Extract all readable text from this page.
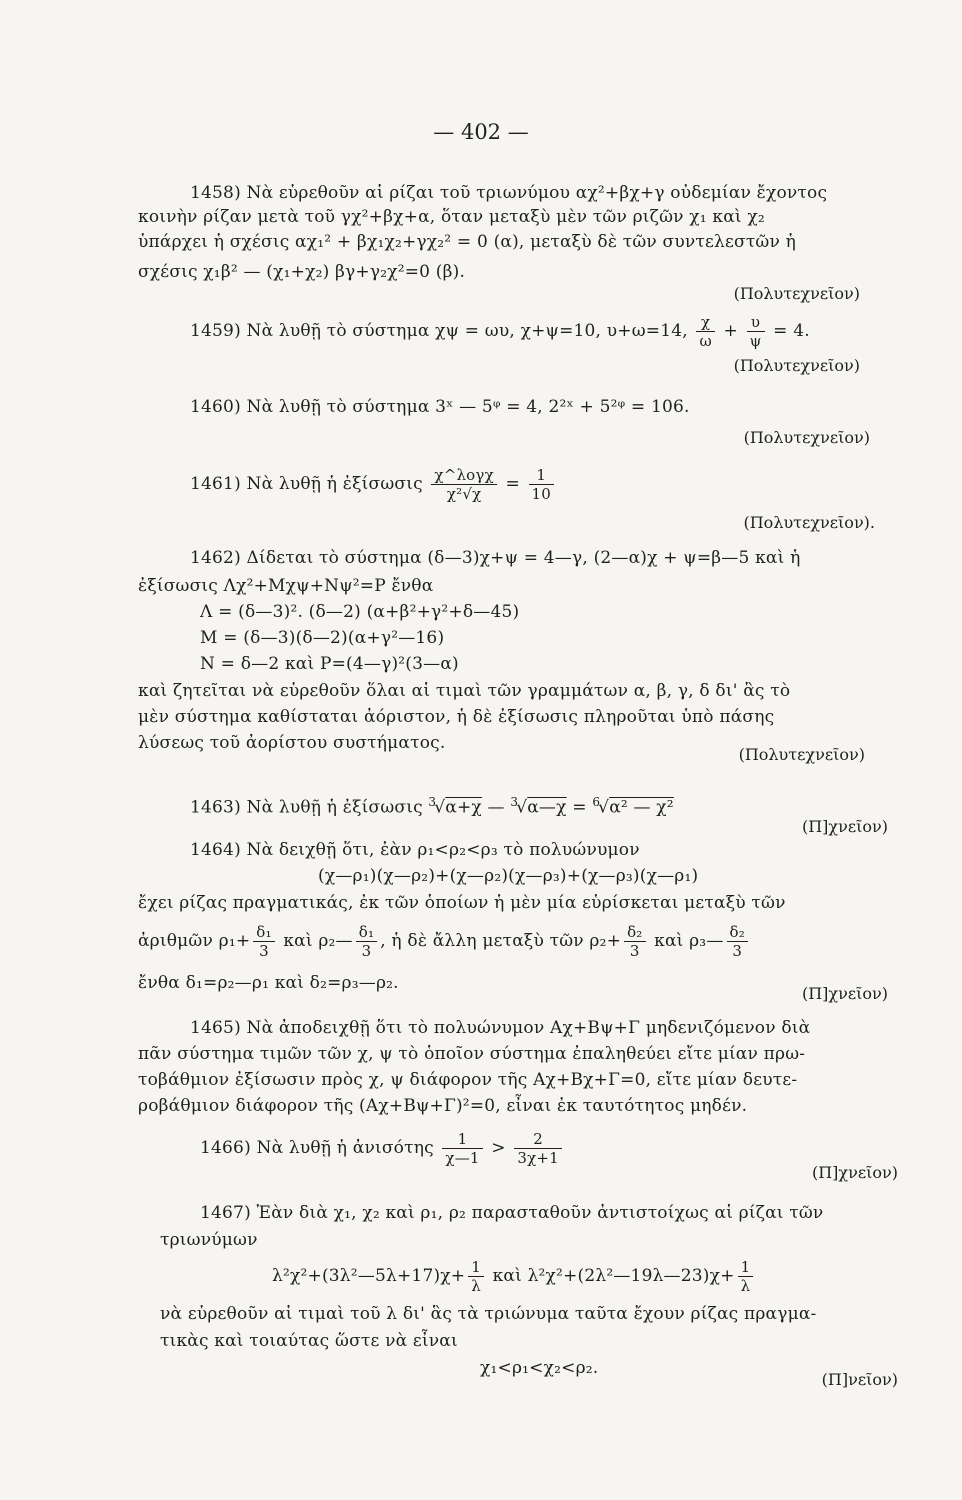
— 402 —
1458) Νὰ εὑρεθοῦν αἱ ρίζαι τοῦ τριωνύμου αχ²+βχ+γ οὐδεμίαν ἔχοντος
κοινὴν ρίζαν μετὰ τοῦ γχ²+βχ+α, ὅταν μεταξὺ μὲν τῶν ριζῶν χ₁ καὶ χ₂
ὑπάρχει ἡ σχέσις αχ₁² + βχ₁χ₂+γχ₂² = 0 (α), μεταξὺ δὲ τῶν συντελεστῶν ἡ
σχέσις χ₁β² — (χ₁+χ₂) βγ+γ₂χ²=0 (β).
(Πολυτεχνεῖον)
1459) Νὰ λυθῇ τὸ σύστημα χψ = ωυ, χ+ψ=10, υ+ω=14, $\frac{\chi}{\omega} + \frac{\upsilon}{\psi} = 4$.
(Πολυτεχνεῖον)
1460) Νὰ λυθῇ τὸ σύστημα 3ˣ — 5ᵠ = 4, 2²ˣ + 5²ᵠ = 106.
(Πολυτεχνεῖον)
1461) Νὰ λυθῇ ἡ ἐξίσωσις $\frac{\text{χ\textasciicircum{}λογχ}}{\text{χ²√χ}} = \frac{1}{10}$
(Πολυτεχνεῖον).
1462) Δίδεται τὸ σύστημα (δ—3)χ+ψ = 4—γ, (2—α)χ + ψ=β—5 καὶ ἡ
ἐξίσωσις Λχ²+Μχψ+Νψ²=Ρ ἔνθα
Λ = (δ—3)². (δ—2) (α+β²+γ²+δ—45)
Μ = (δ—3)(δ—2)(α+γ²—16)
Ν = δ—2 καὶ Ρ=(4—γ)²(3—α)
καὶ ζητεῖται νὰ εὑρεθοῦν ὅλαι αἱ τιμαὶ τῶν γραμμάτων α, β, γ, δ δι' ἃς τὸ
μὲν σύστημα καθίσταται ἀόριστον, ἡ δὲ ἐξίσωσις πληροῦται ὑπὸ πάσης
λύσεως τοῦ ἀορίστου συστήματος.
(Πολυτεχνεῖον)
1463) Νὰ λυθῇ ἡ ἐξίσωσις $^3$√α+χ — $^3$√α—χ = $^6$√α² — χ²
(Π]χνεῖον)
1464) Νὰ δειχθῇ ὅτι, ἐὰν ρ₁<ρ₂<ρ₃ τὸ πολυώνυμον
(χ—ρ₁)(χ—ρ₂)+(χ—ρ₂)(χ—ρ₃)+(χ—ρ₃)(χ—ρ₁)
ἔχει ρίζας πραγματικάς, ἐκ τῶν ὁποίων ἡ μὲν μία εὑρίσκεται μεταξὺ τῶν
ἀριθμῶν $\rho_1+ \frac{\text{δ₁}}{3}$ καὶ ρ₂— $\frac{\text{δ₁}}{3}$ , ἡ δὲ ἄλλη μεταξὺ τῶν $\rho_2+ \frac{\text{δ₂}}{3}$ καὶ ρ₃— $\frac{\text{δ₂}}{3}$
ἔνθα δ₁=ρ₂—ρ₁ καὶ δ₂=ρ₃—ρ₂.
(Π]χνεῖον)
1465) Νὰ ἀποδειχθῇ ὅτι τὸ πολυώνυμον Αχ+Βψ+Γ μηδενιζόμενον διὰ
πᾶν σύστημα τιμῶν τῶν χ, ψ τὸ ὁποῖον σύστημα ἐπαληθεύει εἴτε μίαν πρω-
τοβάθμιον ἐξίσωσιν πρὸς χ, ψ διάφορον τῆς Αχ+Βχ+Γ=0, εἴτε μίαν δευτε-
ροβάθμιον διάφορον τῆς (Αχ+Βψ+Γ)²=0, εἶναι ἐκ ταυτότητος μηδέν.
1466) Νὰ λυθῇ ἡ ἀνισότης $\frac{1}{\chi—1} > \frac{2}{3\chi+1}$
(Π]χνεῖον)
1467) Ἐὰν διὰ χ₁, χ₂ καὶ ρ₁, ρ₂ παρασταθοῦν ἀντιστοίχως αἱ ρίζαι τῶν
τριωνύμων
λ²χ²+(3λ²—5λ+17)χ+ $\frac{1}{\lambda}$ καὶ λ²χ²+(2λ²—19λ—23)χ+ $\frac{1}{\lambda}$
νὰ εὑρεθοῦν αἱ τιμαὶ τοῦ λ δι' ἃς τὰ τριώνυμα ταῦτα ἔχουν ρίζας πραγμα-
τικὰς καὶ τοιαύτας ὥστε νὰ εἶναι
χ₁<ρ₁<χ₂<ρ₂.
(Π]νεῖον)
